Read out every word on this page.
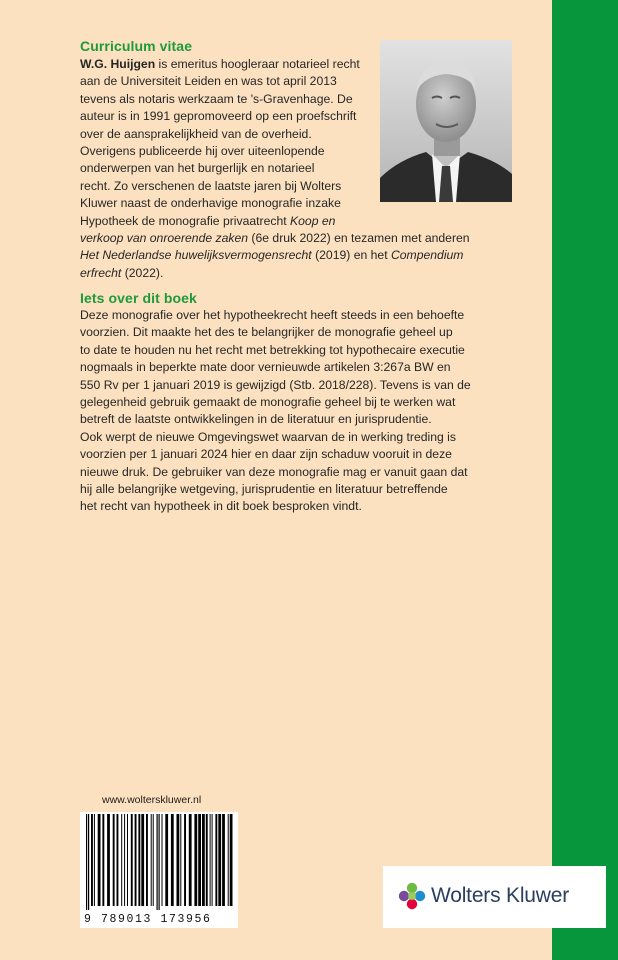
Curriculum vitae

W.G. Huijgen is emeritus hoogleraar notarieel recht
aan de Universiteit Leiden en was tot april 2013
tevens als notaris werkzaam te 's-Gravenhage. De
auteur is in 1991 gepromoveerd op een proefschrift
over de aansprakelijkheid van de overheid.
Overigens publiceerde hij over uiteenlopende
onderwerpen van het burgerlijk en notarieel
recht. Zo verschenen de laatste jaren bij Wolters
Kluwer naast de onderhavige monografie inzake
Hypotheek de monografie privaatrecht Koop en
verkoop van onroerende zaken (6e druk 2022) en tezamen met anderen
Het Nederlandse huwelijksvermogensrecht (2019) en het Compendium
erfrecht (2022).

Iets over dit boek

Deze monografie over het hypotheekrecht heeft steeds in een behoefte
voorzien. Dit maakte het des te belangrijker de monografie geheel up
to date te houden nu het recht met betrekking tot hypothecaire executie
nogmaals in beperkte mate door vernieuwde artikelen 3:267a BW en
550 Rv per 1 januari 2019 is gewijzigd (Stb. 2018/228). Tevens is van de
gelegenheid gebruik gemaakt de monografie geheel bij te werken wat
betreft de laatste ontwikkelingen in de literatuur en jurisprudentie.
Ook werpt de nieuwe Omgevingswet waarvan de in werking treding is
voorzien per 1 januari 2024 hier en daar zijn schaduw vooruit in deze
nieuwe druk. De gebruiker van deze monografie mag er vanuit gaan dat
hij alle belangrijke wetgeving, jurisprudentie en literatuur betreffende
het recht van hypotheek in dit boek besproken vindt.

www.wolterskluwer.nl
9 789013 173956
Wolters Kluwer
